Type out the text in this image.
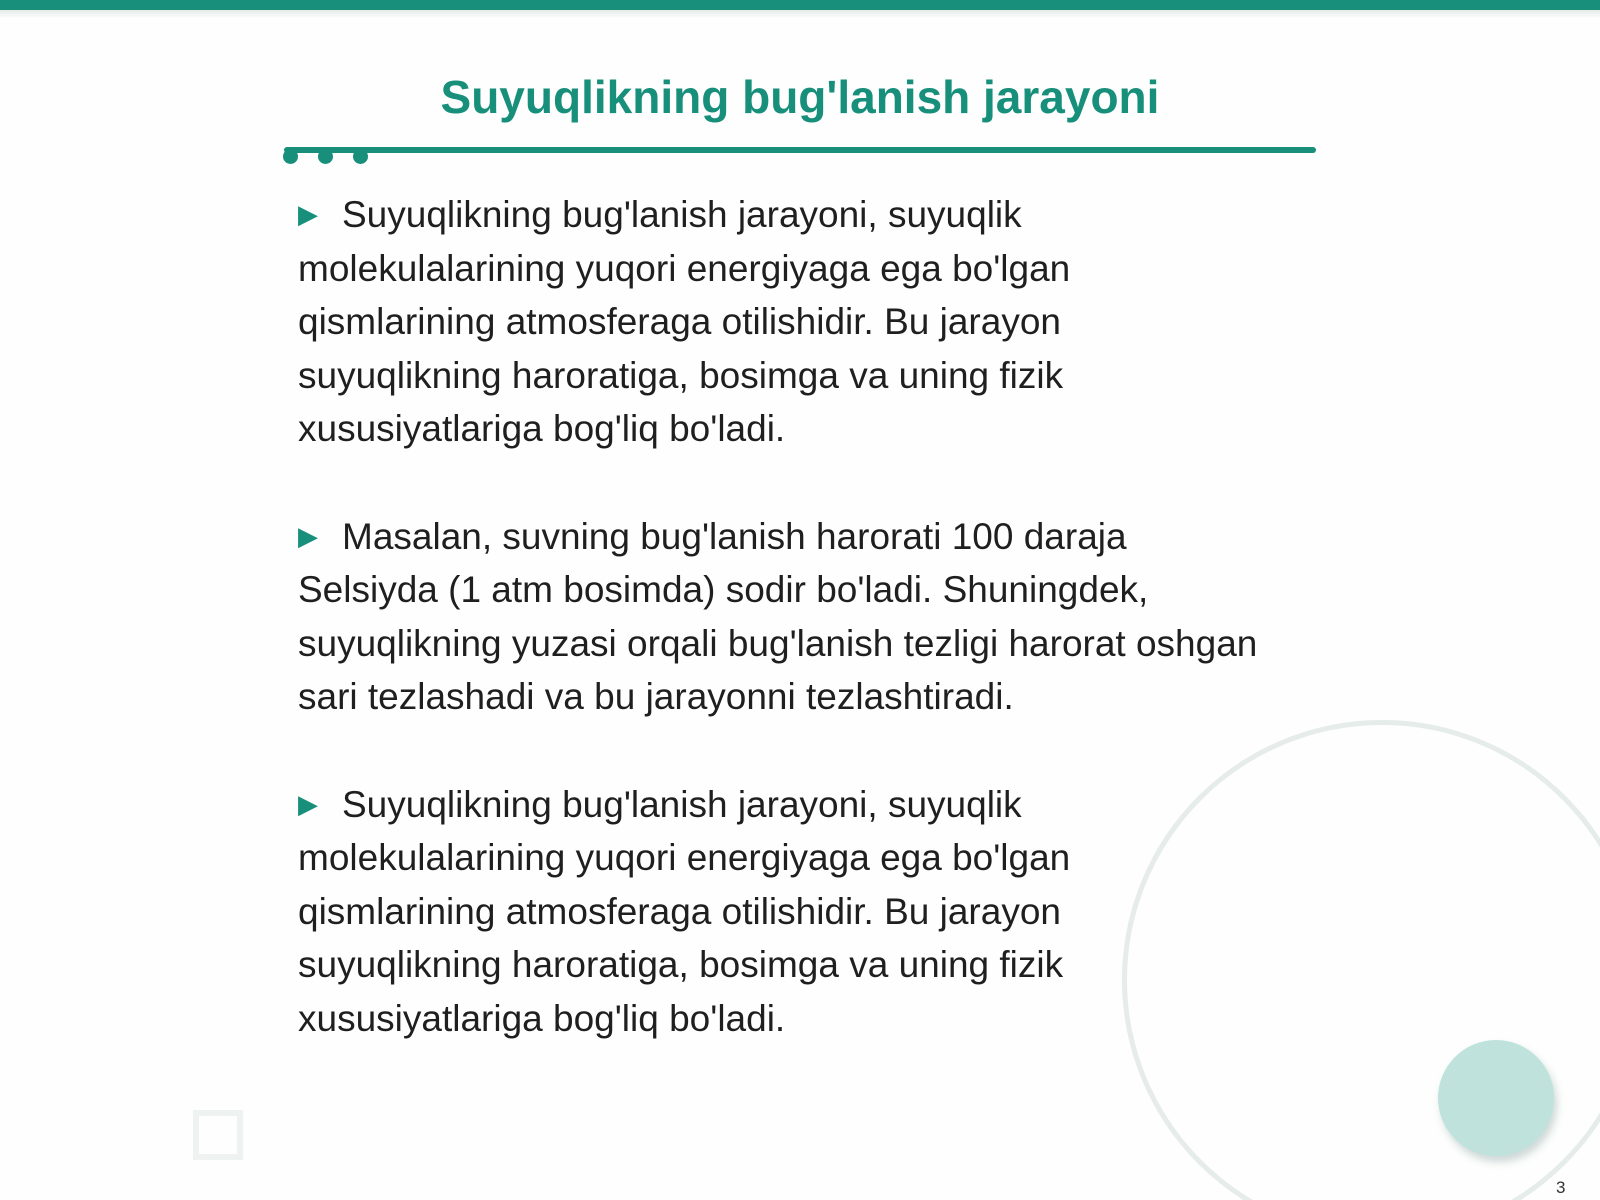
Suyuqlikning bug'lanish jarayoni

▶ Suyuqlikning bug'lanish jarayoni, suyuqlik molekulalarining yuqori energiyaga ega bo'lgan qismlarining atmosferaga otilishidir. Bu jarayon suyuqlikning haroratiga, bosimga va uning fizik xususiyatlariga bog'liq bo'ladi.

▶ Masalan, suvning bug'lanish harorati 100 daraja Selsiyda (1 atm bosimda) sodir bo'ladi. Shuningdek, suyuqlikning yuzasi orqali bug'lanish tezligi harorat oshgan sari tezlashadi va bu jarayonni tezlashtiradi.

▶ Suyuqlikning bug'lanish jarayoni, suyuqlik molekulalarining yuqori energiyaga ega bo'lgan qismlarining atmosferaga otilishidir. Bu jarayon suyuqlikning haroratiga, bosimga va uning fizik xususiyatlariga bog'liq bo'ladi.

3
